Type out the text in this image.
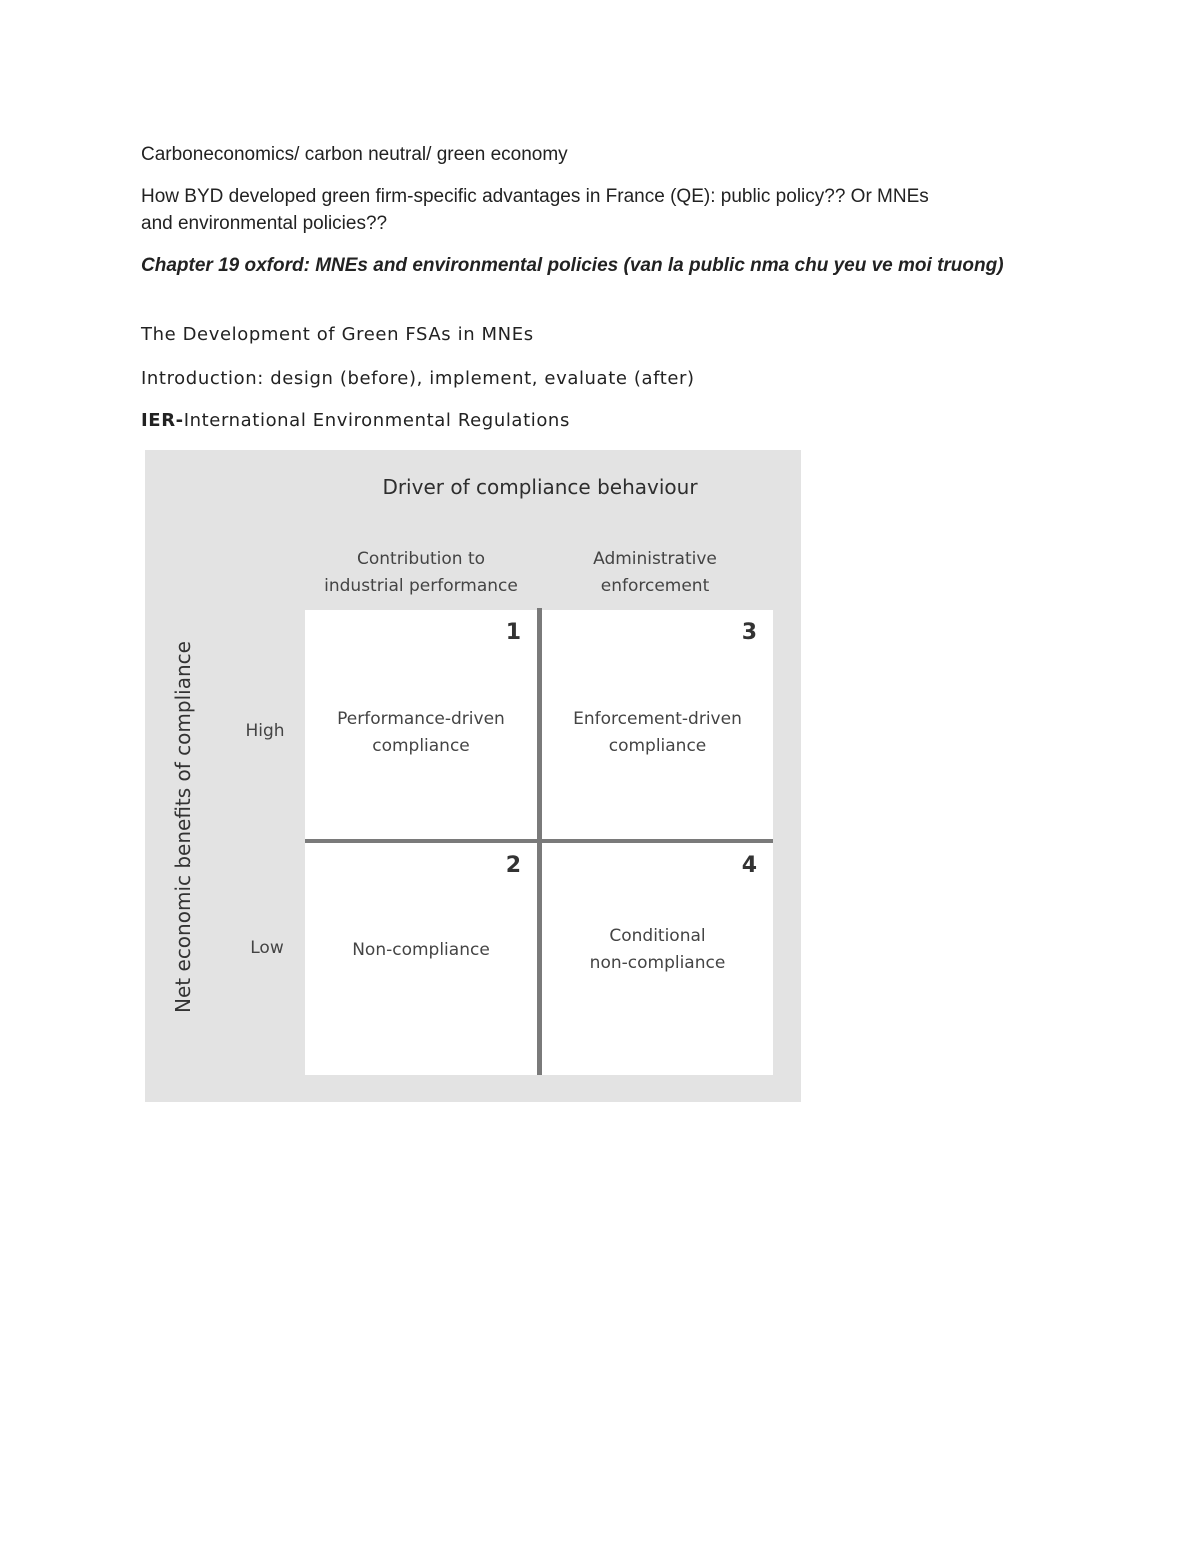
Carboneconomics/ carbon neutral/ green economy

How BYD developed green firm-specific advantages in France (QE): public policy?? Or MNEs

and environmental policies??

Chapter 19 oxford: MNEs and environmental policies (van la public nma chu yeu ve moi truong)

The Development of Green FSAs in MNEs

Introduction: design (before), implement, evaluate (after)

IER-International Environmental Regulations

Driver of compliance behaviour
Contribution to
industrial performance
Administrative
enforcement
Net economic benefits of compliance	High
Low
1
Performance-driven
compliance
3
Enforcement-driven
compliance
2
Non-compliance
4
Conditional
non-compliance
